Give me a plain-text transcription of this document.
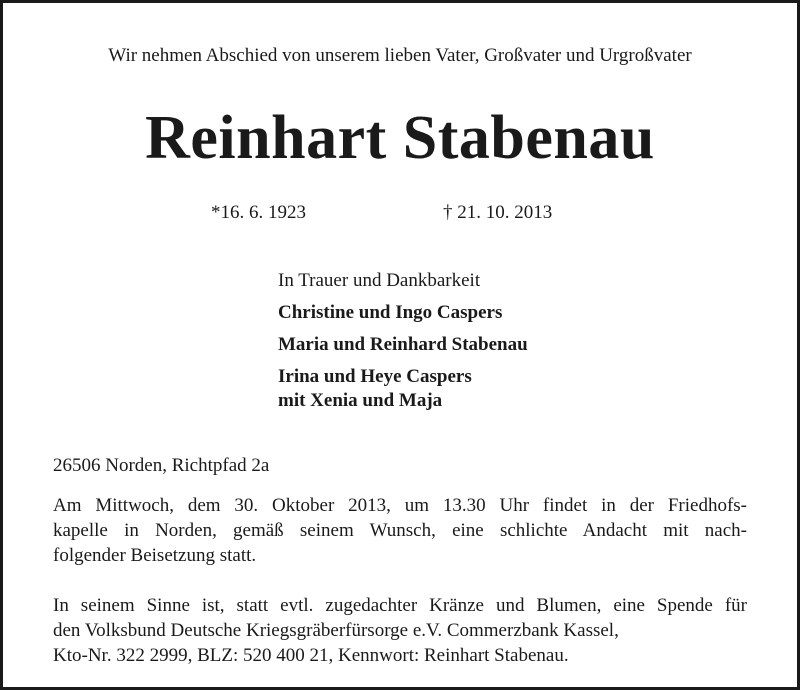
Wir nehmen Abschied von unserem lieben Vater, Großvater und Urgroßvater
Reinhart Stabenau
*16. 6. 1923	† 21. 10. 2013
In Trauer und Dankbarkeit
Christine und Ingo Caspers
Maria und Reinhard Stabenau
Irina und Heye Caspers
mit Xenia und Maja
26506 Norden, Richtpfad 2a
Am Mittwoch, dem 30. Oktober 2013, um 13.30 Uhr findet in der Friedhofs-
kapelle in Norden, gemäß seinem Wunsch, eine schlichte Andacht mit nach-
folgender Beisetzung statt.
In seinem Sinne ist, statt evtl. zugedachter Kränze und Blumen, eine Spende für
den Volksbund Deutsche Kriegsgräberfürsorge e.V. Commerzbank Kassel,
Kto-Nr. 322 2999, BLZ: 520 400 21, Kennwort: Reinhart Stabenau.
